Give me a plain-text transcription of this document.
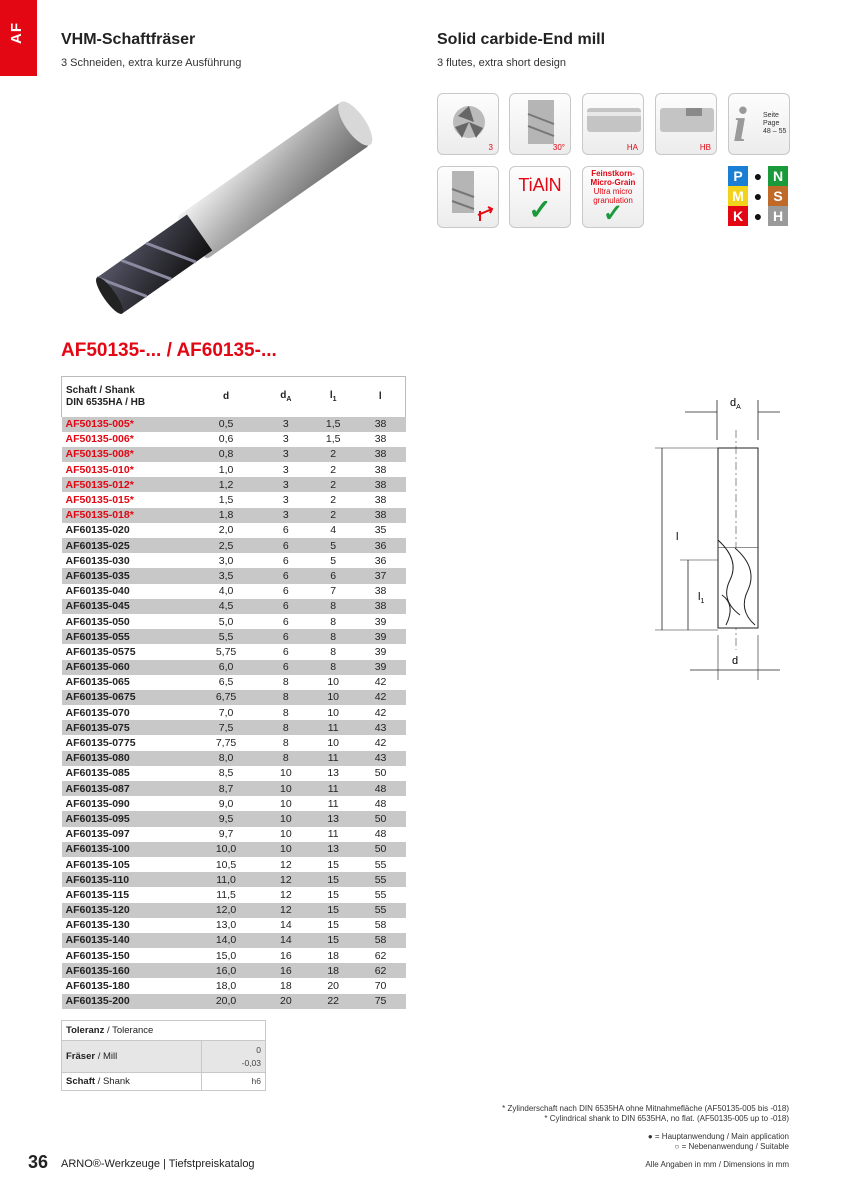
AF VHM-Schaftfräser
3 Schneiden, extra kurze Ausführung
Solid carbide-End mill
3 flutes, extra short design
3	30°	HA	HB i Seite Page
48 – 55
TiAlN
✓
Feinstkorn-
Micro-Grain
Ultra micro
granulation
✓
P ● N
M ● S
K ● H
AF50135-... / AF60135-...
Schaft / Shank
DIN 6535HA / HB	d	$d_A$	$l_1$	l
AF50135-005*	0,5	3	1,5	38
AF50135-006*	0,6	3	1,5	38
AF50135-008*	0,8	3	2	38
AF50135-010*	1,0	3	2	38
AF50135-012*	1,2	3	2	38
AF50135-015*	1,5	3	2	38
AF50135-018*	1,8	3	2	38
AF60135-020	2,0	6	4	35
AF60135-025	2,5	6	5	36
AF60135-030	3,0	6	5	36
AF60135-035	3,5	6	6	37
AF60135-040	4,0	6	7	38
AF60135-045	4,5	6	8	38
AF60135-050	5,0	6	8	39
AF60135-055	5,5	6	8	39
AF60135-0575	5,75	6	8	39
AF60135-060	6,0	6	8	39
AF60135-065	6,5	8	10	42
AF60135-0675	6,75	8	10	42
AF60135-070	7,0	8	10	42
AF60135-075	7,5	8	11	43
AF60135-0775	7,75	8	10	42
AF60135-080	8,0	8	11	43
AF60135-085	8,5	10	13	50
AF60135-087	8,7	10	11	48
AF60135-090	9,0	10	11	48
AF60135-095	9,5	10	13	50
AF60135-097	9,7	10	11	48
AF60135-100	10,0	10	13	50
AF60135-105	10,5	12	15	55
AF60135-110	11,0	12	15	55
AF60135-115	11,5	12	15	55
AF60135-120	12,0	12	15	55
AF60135-130	13,0	14	15	58
AF60135-140	14,0	14	15	58
AF60135-150	15,0	16	18	62
AF60135-160	16,0	16	18	62
AF60135-180	18,0	18	20	70
AF60135-200	20,0	20	22	75
Toleranz / Tolerance	
Fräser / Mill	0
-0,03

Schaft / Shank	h6
$d_A$
l
$l_1$
d
* Zylinderschaft nach DIN 6535HA ohne Mitnahmefläche (AF50135-005 bis -018)
* Cylindrical shank to DIN 6535HA, no flat. (AF50135-005 up to -018)
● = Hauptanwendung / Main application
○ = Nebenanwendung / Suitable
36 ARNO®-Werkzeuge | Tiefstpreiskatalog	Alle Angaben in mm / Dimensions in mm
